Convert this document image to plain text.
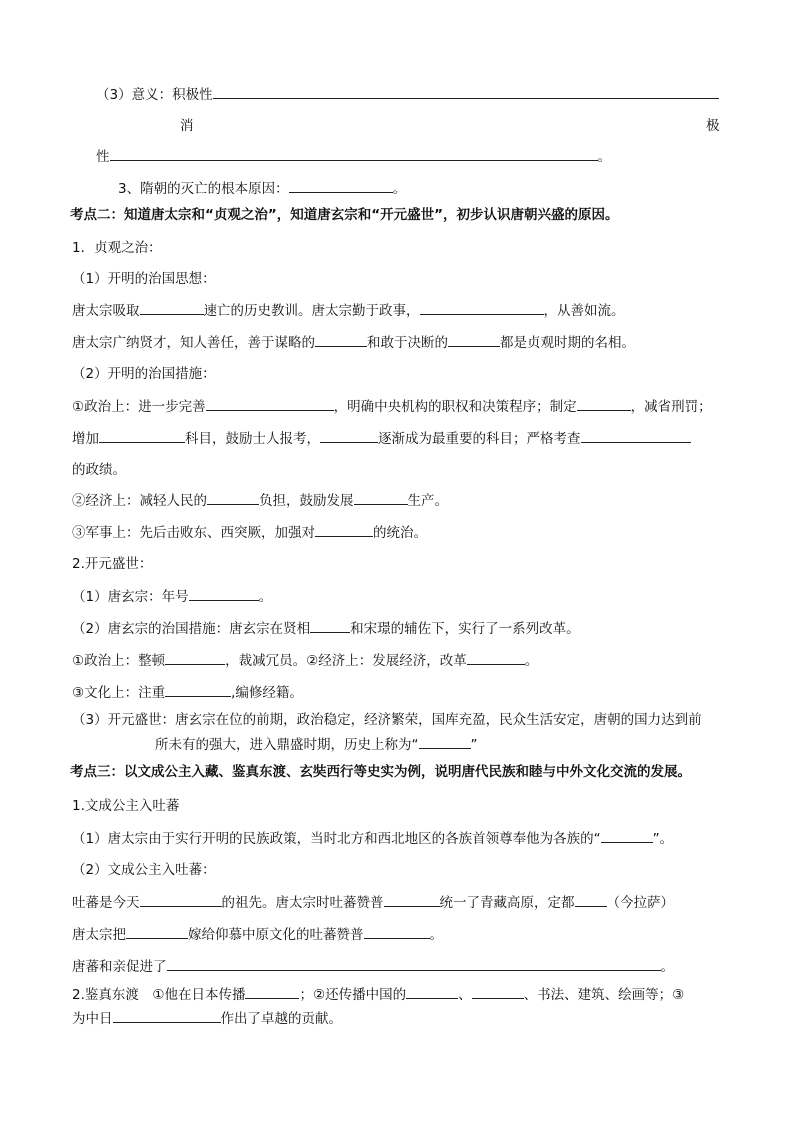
（3）意义：积极性
消	极
性	。
3、隋朝的灭亡的根本原因：	。
考点二：知道唐太宗和“贞观之治”，知道唐玄宗和“开元盛世”，初步认识唐朝兴盛的原因。
1．贞观之治：
（1）开明的治国思想：
唐太宗吸取	速亡的历史教训。唐太宗勤于政事，	，从善如流。
唐太宗广纳贤才，知人善任，善于谋略的	和敢于决断的	都是贞观时期的名相。
（2）开明的治国措施：
①政治上：进一步完善	，明确中央机构的职权和决策程序；制定	，减省刑罚；
增加	科目，鼓励士人报考，	逐渐成为最重要的科目；严格考查
的政绩。
②经济上：减轻人民的	负担，鼓励发展	生产。
③军事上：先后击败东、西突厥，加强对	的统治。
2.开元盛世：
（1）唐玄宗：年号	。
（2）唐玄宗的治国措施：唐玄宗在贤相	和宋璟的辅佐下，实行了一系列改革。
①政治上：整顿	，裁减冗员。②经济上：发展经济，改革	。
③文化上：注重	,编修经籍。
（3）开元盛世：唐玄宗在位的前期，政治稳定，经济繁荣，国库充盈，民众生活安定，唐朝的国力达到前
所未有的强大，进入鼎盛时期，历史上称为“	”
考点三：以文成公主入藏、鉴真东渡、玄奘西行等史实为例，说明唐代民族和睦与中外文化交流的发展。
1.文成公主入吐蕃
（1）唐太宗由于实行开明的民族政策，当时北方和西北地区的各族首领尊奉他为各族的“	”。
（2）文成公主入吐蕃：
吐蕃是今天	的祖先。唐太宗时吐蕃赞普	统一了青藏高原，定都 （今拉萨）
唐太宗把	嫁给仰慕中原文化的吐蕃赞普	。
唐蕃和亲促进了	。
2.鉴真东渡　①他在日本传播	；②还传播中国的	、	、书法、建筑、绘画等；③
为中日	作出了卓越的贡献。
